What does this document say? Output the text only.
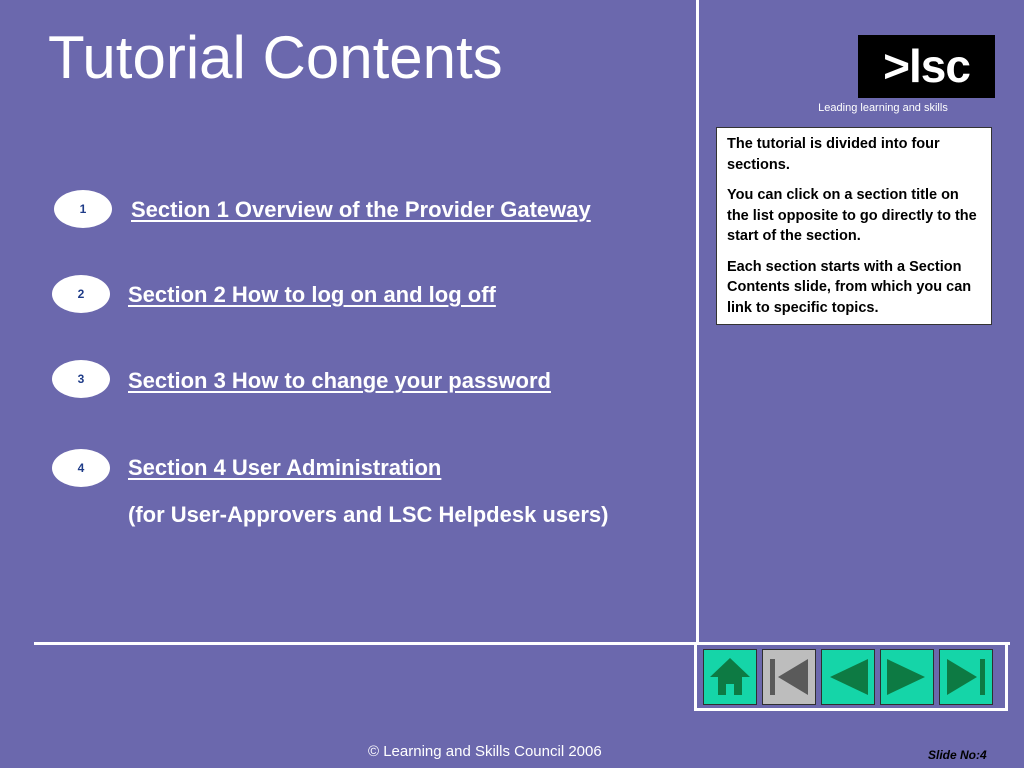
Tutorial Contents	>lsc
Leading learning and skills

The tutorial is divided into four sections.

You can click on a section title on the list opposite to go directly to the start of the section.

Each section starts with a Section Contents slide, from which you can link to specific topics.

1	Section 1 Overview of the Provider Gateway
2	Section 2 How to log on and log off
3	Section 3 How to change your password
4	Section 4 User Administration
(for User-Approvers and LSC Helpdesk users)
© Learning and Skills Council 2006	Slide No:4
